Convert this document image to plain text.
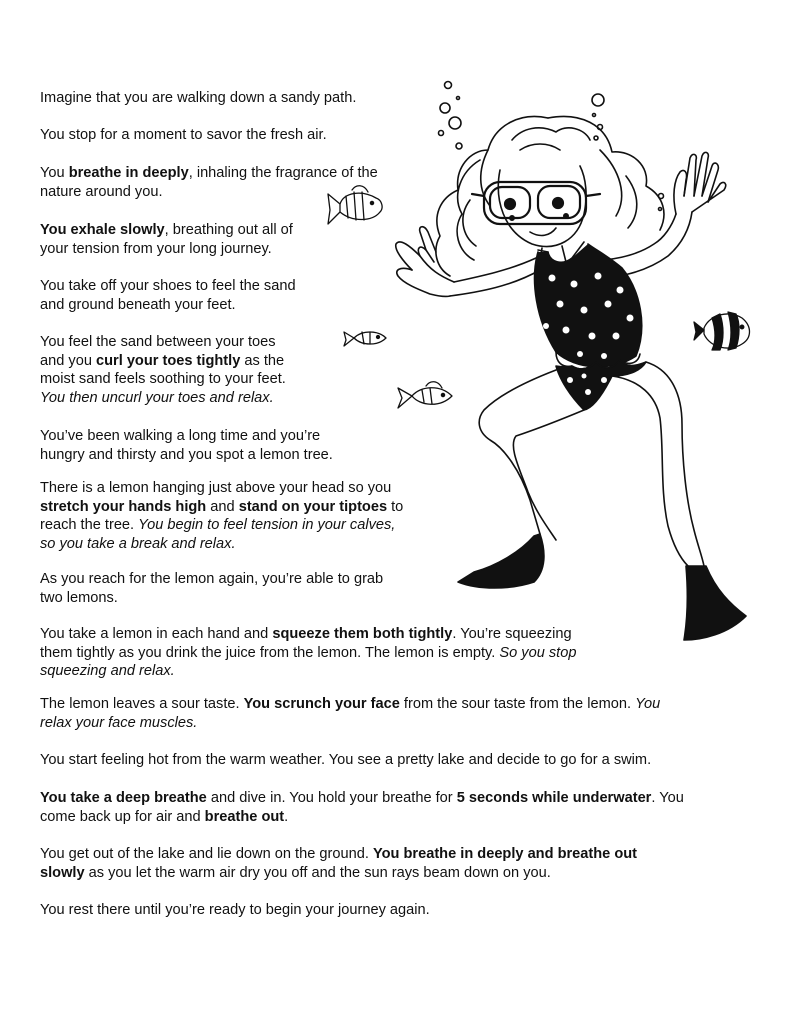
Imagine that you are walking down a sandy path.

You stop for a moment to savor the fresh air.

You breathe in deeply, inhaling the fragrance of the
nature around you.

You exhale slowly, breathing out all of
your tension from your long journey.

You take off your shoes to feel the sand
and ground beneath your feet.

You feel the sand between your toes
and you curl your toes tightly as the
moist sand feels soothing to your feet.
You then uncurl your toes and relax.

You’ve been walking a long time and you’re
hungry and thirsty and you spot a lemon tree.

There is a lemon hanging just above your head so you
stretch your hands high and stand on your tiptoes to
reach the tree. You begin to feel tension in your calves,
so you take a break and relax.

As you reach for the lemon again, you’re able to grab
two lemons.

You take a lemon in each hand and squeeze them both tightly. You’re squeezing
them tightly as you drink the juice from the lemon. The lemon is empty. So you stop
squeezing and relax.

The lemon leaves a sour taste. You scrunch your face from the sour taste from the lemon. You
relax your face muscles.

You start feeling hot from the warm weather. You see a pretty lake and decide to go for a swim.

You take a deep breathe and dive in. You hold your breathe for 5 seconds while underwater. You
come back up for air and breathe out.

You get out of the lake and lie down on the ground. You breathe in deeply and breathe out
slowly as you let the warm air dry you off and the sun rays beam down on you.

You rest there until you’re ready to begin your journey again.
